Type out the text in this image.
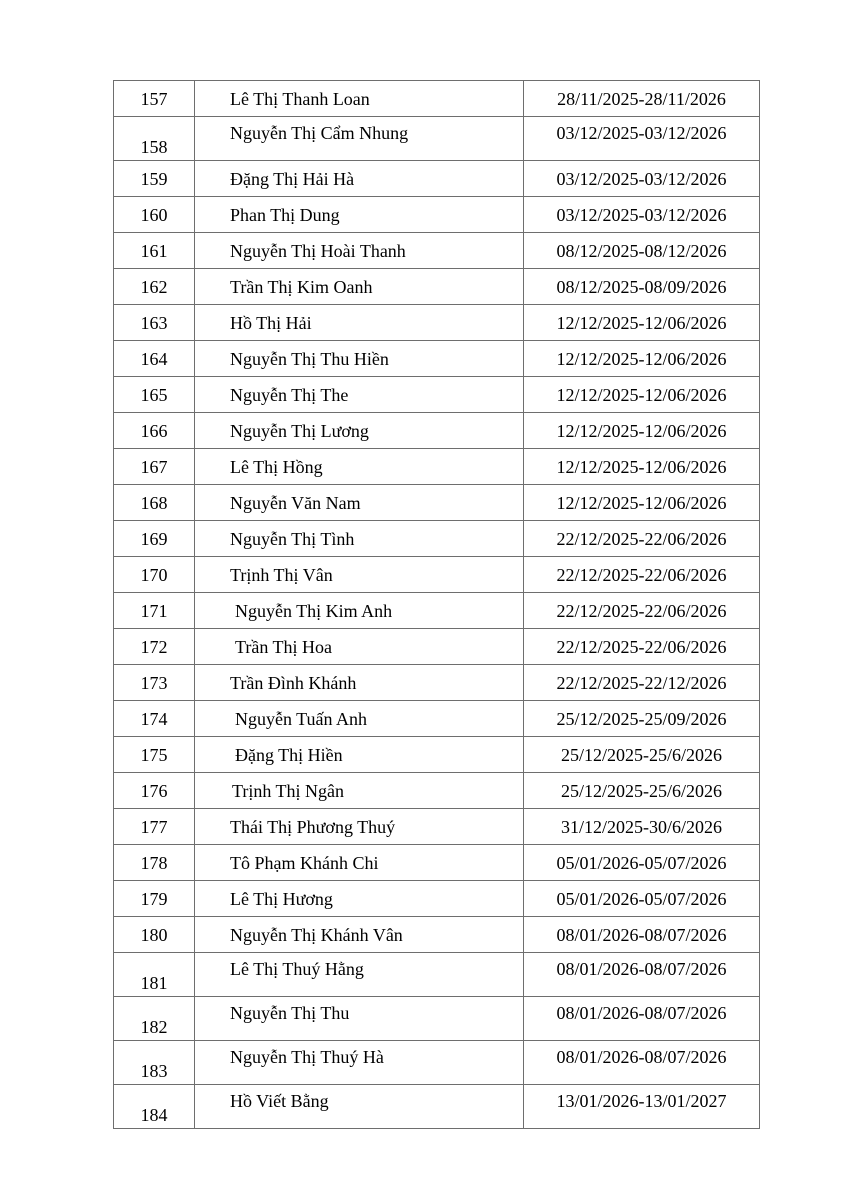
157	Lê Thị Thanh Loan	28/11/2025-28/11/2026
158	Nguyễn Thị Cẩm Nhung	03/12/2025-03/12/2026
159	Đặng Thị Hải Hà	03/12/2025-03/12/2026
160	Phan Thị Dung	03/12/2025-03/12/2026
161	Nguyễn Thị Hoài Thanh	08/12/2025-08/12/2026
162	Trần Thị Kim Oanh	08/12/2025-08/09/2026
163	Hồ Thị Hải	12/12/2025-12/06/2026
164	Nguyễn Thị Thu Hiền	12/12/2025-12/06/2026
165	Nguyễn Thị The	12/12/2025-12/06/2026
166	Nguyễn Thị Lương	12/12/2025-12/06/2026
167	Lê Thị Hồng	12/12/2025-12/06/2026
168	Nguyễn Văn Nam	12/12/2025-12/06/2026
169	Nguyễn Thị Tình	22/12/2025-22/06/2026
170	Trịnh Thị Vân	22/12/2025-22/06/2026
171	Nguyễn Thị Kim Anh	22/12/2025-22/06/2026
172	Trần Thị Hoa	22/12/2025-22/06/2026
173	Trần Đình Khánh	22/12/2025-22/12/2026
174	Nguyễn Tuấn Anh	25/12/2025-25/09/2026
175	Đặng Thị Hiền	25/12/2025-25/6/2026
176	Trịnh Thị Ngân	25/12/2025-25/6/2026
177	Thái Thị Phương Thuý	31/12/2025-30/6/2026
178	Tô Phạm Khánh Chi	05/01/2026-05/07/2026
179	Lê Thị Hương	05/01/2026-05/07/2026
180	Nguyễn Thị Khánh Vân	08/01/2026-08/07/2026
181	Lê Thị Thuý Hằng	08/01/2026-08/07/2026
182	Nguyễn Thị Thu	08/01/2026-08/07/2026
183	Nguyễn Thị Thuý Hà	08/01/2026-08/07/2026
184	Hồ Viết Bằng	13/01/2026-13/01/2027
